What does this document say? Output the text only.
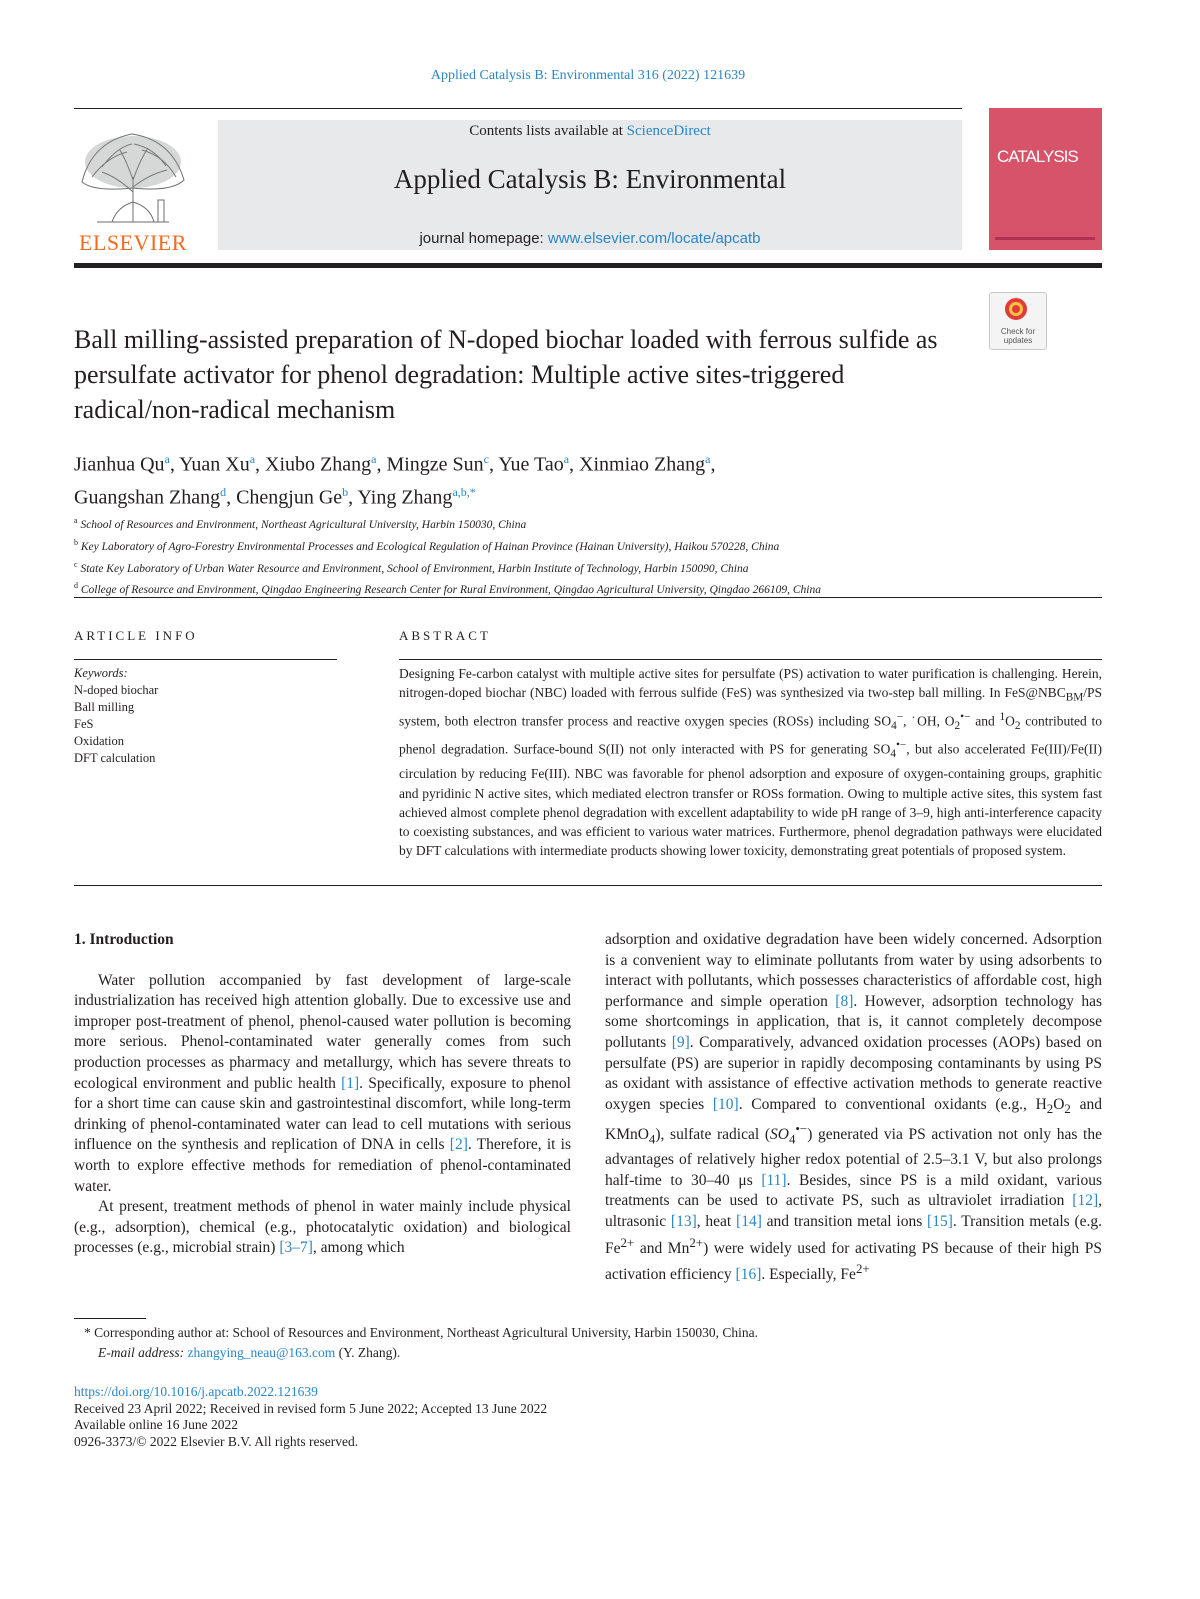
Applied Catalysis B: Environmental 316 (2022) 121639
ELSEVIER
Contents lists available at ScienceDirect
Applied Catalysis B: Environmental
journal homepage: www.elsevier.com/locate/apcatb
CATALYSIS
Check for updates
Ball milling-assisted preparation of N-doped biochar loaded with ferrous sulfide as persulfate activator for phenol degradation: Multiple active sites-triggered radical/non-radical mechanism
Jianhua Qu$^a$, Yuan Xu$^a$, Xiubo Zhang$^a$, Mingze Sun$^c$, Yue Tao$^a$, Xinmiao Zhang$^a$,
Guangshan Zhang$^d$, Chengjun Ge$^b$, Ying Zhang$^{a,b,*}$
$^a$ School of Resources and Environment, Northeast Agricultural University, Harbin 150030, China
$^b$ Key Laboratory of Agro-Forestry Environmental Processes and Ecological Regulation of Hainan Province (Hainan University), Haikou 570228, China
$^c$ State Key Laboratory of Urban Water Resource and Environment, School of Environment, Harbin Institute of Technology, Harbin 150090, China
$^d$ College of Resource and Environment, Qingdao Engineering Research Center for Rural Environment, Qingdao Agricultural University, Qingdao 266109, China
ARTICLE INFO	ABSTRACT
Keywords:
N-doped biochar
Ball milling
FeS
Oxidation
DFT calculation
Designing Fe-carbon catalyst with multiple active sites for persulfate (PS) activation to water purification is challenging. Herein, nitrogen-doped biochar (NBC) loaded with ferrous sulfide (FeS) was synthesized via two-step ball milling. In $FeS@NBC_{BM}/PS$ system, both electron transfer process and reactive oxygen species (ROSs) including $SO_4^-$, ˙OH, $O_2^{•-}$ and $^1O_2$ contributed to phenol degradation. Surface-bound S(II) not only interacted with PS for generating $SO_4^{•-}$, but also accelerated Fe(III)/Fe(II) circulation by reducing Fe(III). NBC was favorable for phenol adsorption and exposure of oxygen-containing groups, graphitic and pyridinic N active sites, which mediated electron transfer or ROSs formation. Owing to multiple active sites, this system fast achieved almost complete phenol degradation with excellent adaptability to wide pH range of 3–9, high anti-interference capacity to coexisting substances, and was efficient to various water matrices. Furthermore, phenol degradation pathways were elucidated by DFT calculations with intermediate products showing lower toxicity, demonstrating great potentials of proposed system.
1. Introduction

Water pollution accompanied by fast development of large-scale industrialization has received high attention globally. Due to excessive use and improper post-treatment of phenol, phenol-caused water pollution is becoming more serious. Phenol-contaminated water generally comes from such production processes as pharmacy and metallurgy, which has severe threats to ecological environment and public health [1]. Specifically, exposure to phenol for a short time can cause skin and gastrointestinal discomfort, while long-term drinking of phenol-contaminated water can lead to cell mutations with serious influence on the synthesis and replication of DNA in cells [2]. Therefore, it is worth to explore effective methods for remediation of phenol-contaminated water.

At present, treatment methods of phenol in water mainly include physical (e.g., adsorption), chemical (e.g., photocatalytic oxidation) and biological processes (e.g., microbial strain) [3–7], among which

adsorption and oxidative degradation have been widely concerned. Adsorption is a convenient way to eliminate pollutants from water by using adsorbents to interact with pollutants, which possesses characteristics of affordable cost, high performance and simple operation [8]. However, adsorption technology has some shortcomings in application, that is, it cannot completely decompose pollutants [9]. Comparatively, advanced oxidation processes (AOPs) based on persulfate (PS) are superior in rapidly decomposing contaminants by using PS as oxidant with assistance of effective activation methods to generate reactive oxygen species [10]. Compared to conventional oxidants (e.g., $H_2O_2$ and KMnO$_4$), sulfate radical $(SO_4^{•-})$ generated via PS activation not only has the advantages of relatively higher redox potential of 2.5–3.1 V, but also prolongs half-time to 30–40 μs [11]. Besides, since PS is a mild oxidant, various treatments can be used to activate PS, such as ultraviolet irradiation [12], ultrasonic [13], heat [14] and transition metal ions [15]. Transition metals (e.g. $Fe^{2+}$ and $Mn^{2+}$) were widely used for activating PS because of their high PS activation efficiency [16]. Especially, $Fe^{2+}$

* Corresponding author at: School of Resources and Environment, Northeast Agricultural University, Harbin 150030, China.
E-mail address: zhangying_neau@163.com (Y. Zhang).
https://doi.org/10.1016/j.apcatb.2022.121639
Received 23 April 2022; Received in revised form 5 June 2022; Accepted 13 June 2022
Available online 16 June 2022
0926-3373/© 2022 Elsevier B.V. All rights reserved.
